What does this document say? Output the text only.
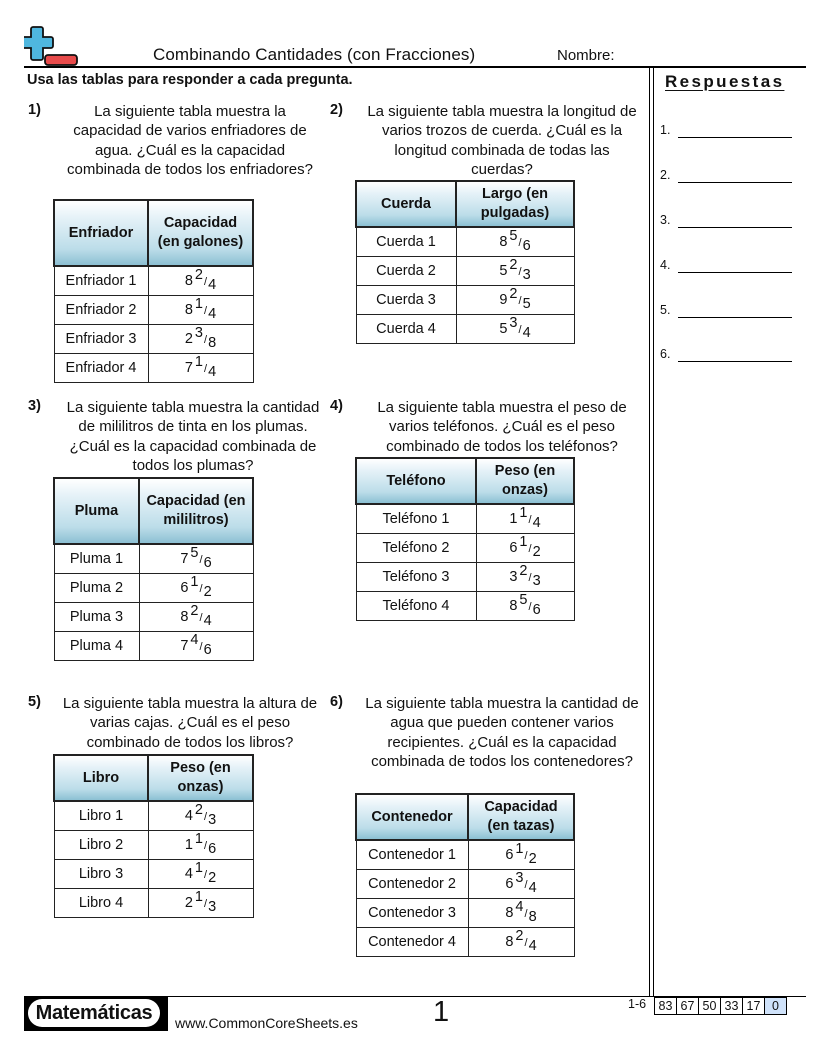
Combinando Cantidades (con Fracciones)	Nombre:
Usa las tablas para responder a cada pregunta.	Respuestas
1.
2.
3.
4.
5.
6.
1)	La siguiente tabla muestra la capacidad de varios enfriadores de agua. ¿Cuál es la capacidad combinada de todos los enfriadores?
Enfriador	Capacidad (en galones)
Enfriador 1	8 2/4
Enfriador 2	8 1/4
Enfriador 3	2 3/8
Enfriador 4	7 1/4
2) La siguiente tabla muestra la longitud de varios trozos de cuerda. ¿Cuál es la longitud combinada de todas las cuerdas?
Cuerda	Largo (en pulgadas)
Cuerda 1	8 5/6
Cuerda 2	5 2/3
Cuerda 3	9 2/5
Cuerda 4	5 3/4
3) La siguiente tabla muestra la cantidad de mililitros de tinta en los plumas. ¿Cuál es la capacidad combinada de todos los plumas?
Pluma	Capacidad (en mililitros)
Pluma 1	7 5/6
Pluma 2	6 1/2
Pluma 3	8 2/4
Pluma 4	7 4/6
4)	La siguiente tabla muestra el peso de varios teléfonos. ¿Cuál es el peso combinado de todos los teléfonos?
Teléfono	Peso (en onzas)
Teléfono 1	1 1/4
Teléfono 2	6 1/2
Teléfono 3	3 2/3
Teléfono 4	8 5/6
5) La siguiente tabla muestra la altura de varias cajas. ¿Cuál es el peso combinado de todos los libros?
Libro	Peso (en onzas)
Libro 1	4 2/3
Libro 2	1 1/6
Libro 3	4 1/2
Libro 4	2 1/3
6) La siguiente tabla muestra la cantidad de agua que pueden contener varios recipientes. ¿Cuál es la capacidad combinada de todos los contenedores?
Contenedor	Capacidad (en tazas)
Contenedor 1	6 1/2
Contenedor 2	6 3/4
Contenedor 3	8 4/8
Contenedor 4	8 2/4
Matemáticas	www.CommonCoreSheets.es	1	1-6 83 67 50 33 17 0
